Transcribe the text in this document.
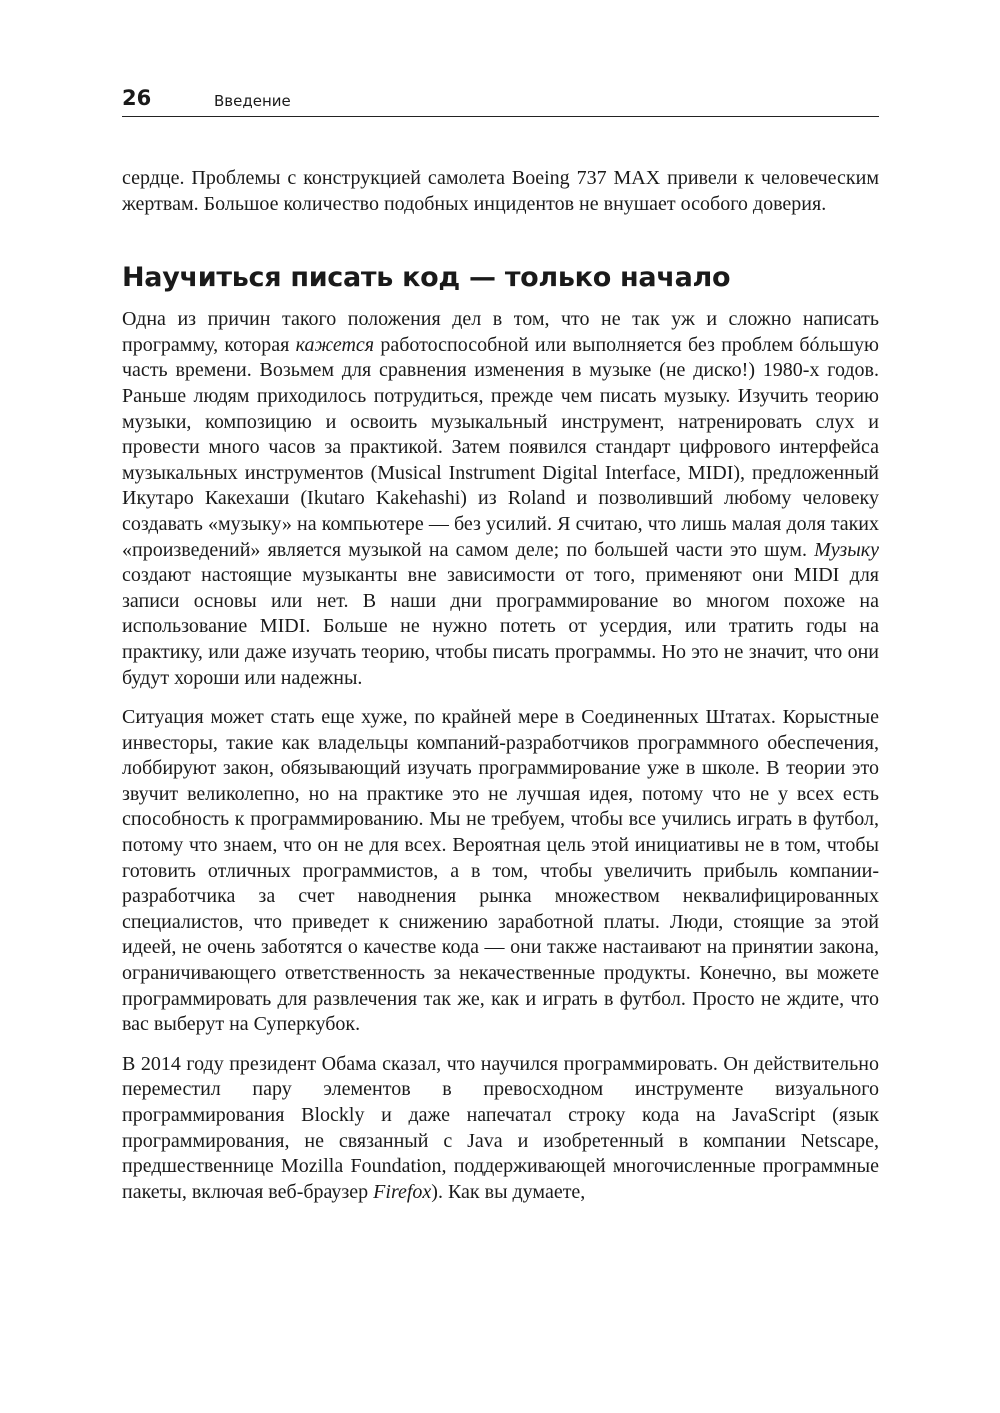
26	Введение

сердце. Проблемы с конструкцией самолета Boeing 737 MAX привели к человеческим жертвам. Большое количество подобных инцидентов не внушает особого доверия.

Научиться писать код — только начало

Одна из причин такого положения дел в том, что не так уж и сложно написать программу, которая кажется работоспособной или выполняется без проблем бóльшую часть времени. Возьмем для сравнения изменения в музыке (не диско!) 1980-х годов. Раньше людям приходилось потрудиться, прежде чем писать музыку. Изучить теорию музыки, композицию и освоить музыкальный инструмент, натренировать слух и провести много часов за практикой. Затем появился стандарт цифрового интерфейса музыкальных инструментов (Musical Instrument Digital Interface, MIDI), предложенный Икутаро Какехаши (Ikutaro Kakehashi) из Roland и позволивший любому человеку создавать «музыку» на компьютере — без усилий. Я считаю, что лишь малая доля таких «произведений» является музыкой на самом деле; по большей части это шум. Музыку создают настоящие музыканты вне зависимости от того, применяют они MIDI для записи основы или нет. В наши дни программирование во многом похоже на использование MIDI. Больше не нужно потеть от усердия, или тратить годы на практику, или даже изучать теорию, чтобы писать программы. Но это не значит, что они будут хороши или надежны.

Ситуация может стать еще хуже, по крайней мере в Соединенных Штатах. Корыстные инвесторы, такие как владельцы компаний-разработчиков программного обеспечения, лоббируют закон, обязывающий изучать программирование уже в школе. В теории это звучит великолепно, но на практике это не лучшая идея, потому что не у всех есть способность к программированию. Мы не требуем, чтобы все учились играть в футбол, потому что знаем, что он не для всех. Вероятная цель этой инициативы не в том, чтобы готовить отличных программистов, а в том, чтобы увеличить прибыль компании-разработчика за счет наводнения рынка множеством неквалифицированных специалистов, что приведет к снижению заработной платы. Люди, стоящие за этой идеей, не очень заботятся о качестве кода — они также настаивают на принятии закона, ограничивающего ответственность за некачественные продукты. Конечно, вы можете программировать для развлечения так же, как и играть в футбол. Просто не ждите, что вас выберут на Суперкубок.

В 2014 году президент Обама сказал, что научился программировать. Он действительно переместил пару элементов в превосходном инструменте визуального программирования Blockly и даже напечатал строку кода на JavaScript (язык программирования, не связанный с Java и изобретенный в компании Netscape, предшественнице Mozilla Foundation, поддерживающей многочисленные программные пакеты, включая веб-браузер Firefox). Как вы думаете,
